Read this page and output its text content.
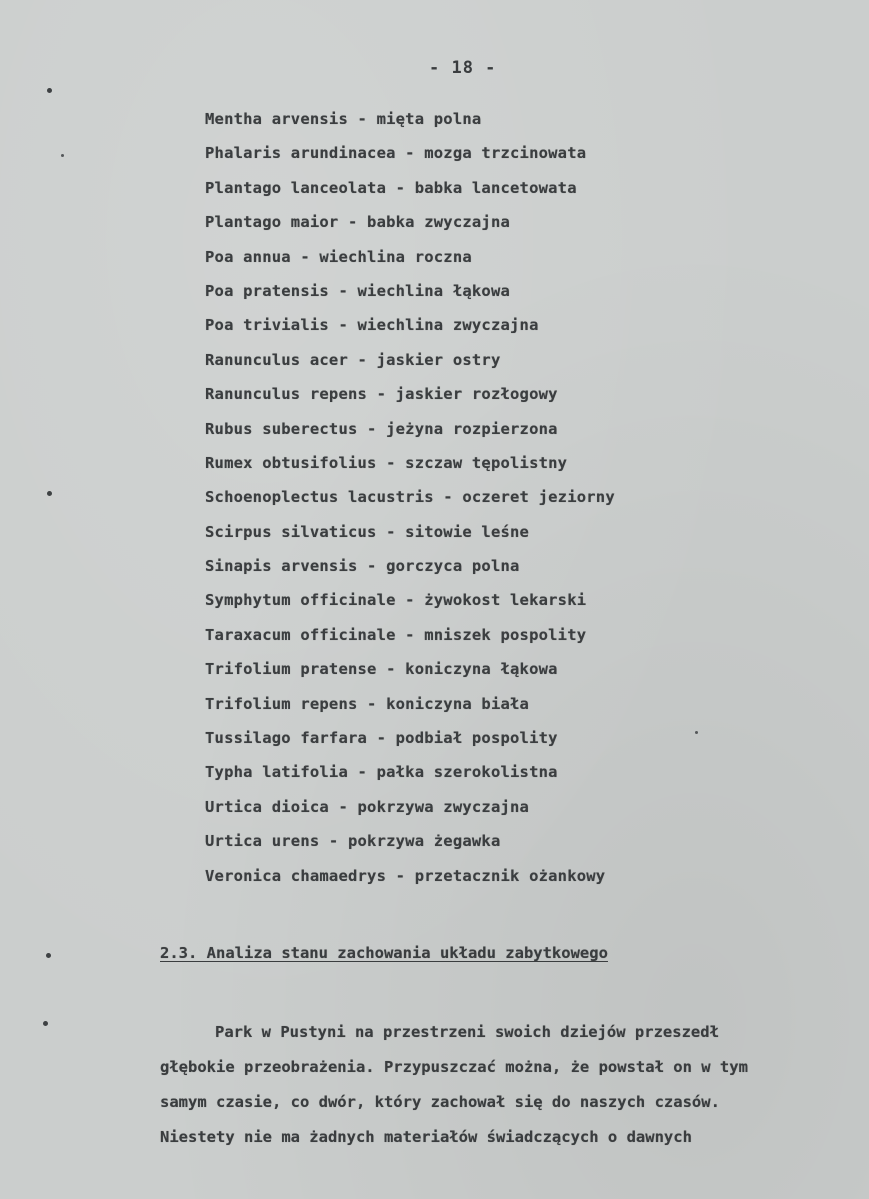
- 18 -
Mentha arvensis - mięta polna
Phalaris arundinacea - mozga trzcinowata
Plantago lanceolata - babka lancetowata
Plantago maior - babka zwyczajna
Poa annua - wiechlina roczna
Poa pratensis - wiechlina łąkowa
Poa trivialis - wiechlina zwyczajna
Ranunculus acer - jaskier ostry
Ranunculus repens - jaskier rozłogowy
Rubus suberectus - jeżyna rozpierzona
Rumex obtusifolius - szczaw tępolistny
Schoenoplectus lacustris - oczeret jeziorny
Scirpus silvaticus - sitowie leśne
Sinapis arvensis - gorczyca polna
Symphytum officinale - żywokost lekarski
Taraxacum officinale - mniszek pospolity
Trifolium pratense - koniczyna łąkowa
Trifolium repens - koniczyna biała
Tussilago farfara - podbiał pospolity
Typha latifolia - pałka szerokolistna
Urtica dioica - pokrzywa zwyczajna
Urtica urens - pokrzywa żegawka
Veronica chamaedrys - przetacznik ożankowy
2.3. Analiza stanu zachowania układu zabytkowego

Park w Pustyni na przestrzeni swoich dziejów przeszedł
głębokie przeobrażenia. Przypuszczać można, że powstał on w tym
samym czasie, co dwór, który zachował się do naszych czasów.
Niestety nie ma żadnych materiałów świadczących o dawnych
